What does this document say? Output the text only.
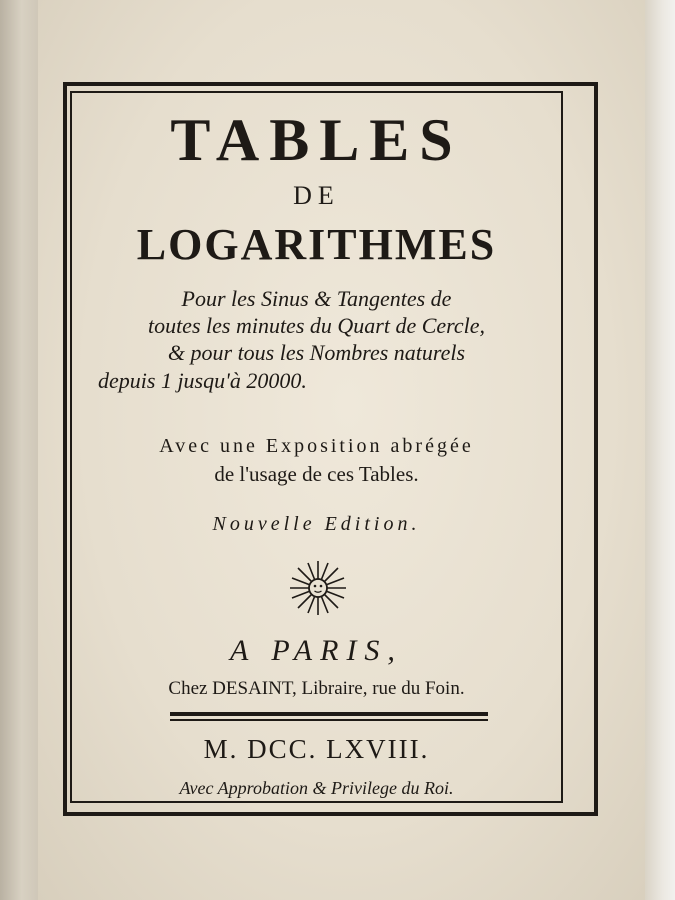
TABLES
DE
LOGARITHMES
Pour les Sinus & Tangentes de
toutes les minutes du Quart de Cercle,
& pour tous les Nombres naturels
depuis 1 jusqu'à 20000.
Avec une Exposition abrégée
de l'usage de ces Tables.
Nouvelle Edition.
A PARIS,
Chez DESAINT, Libraire, rue du Foin.
M. DCC. LXVIII.
Avec Approbation & Privilege du Roi.
